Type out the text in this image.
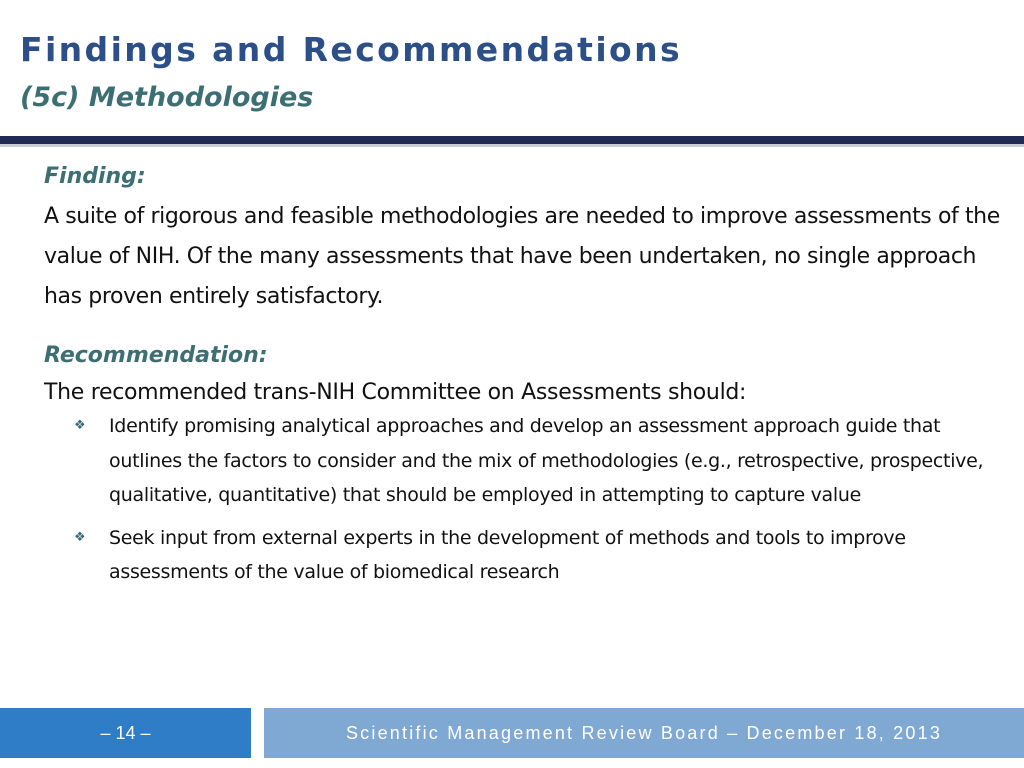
Findings and Recommendations
(5c) Methodologies

Finding:

A suite of rigorous and feasible methodologies are needed to improve assessments of the value of NIH. Of the many assessments that have been undertaken, no single approach has proven entirely satisfactory.

Recommendation:

The recommended trans-NIH Committee on Assessments should:

❖ Identify promising analytical approaches and develop an assessment approach guide that outlines the factors to consider and the mix of methodologies (e.g., retrospective, prospective, qualitative, quantitative) that should be employed in attempting to capture value
❖ Seek input from external experts in the development of methods and tools to improve assessments of the value of biomedical research
– 14 –	Scientific Management Review Board – December 18, 2013
